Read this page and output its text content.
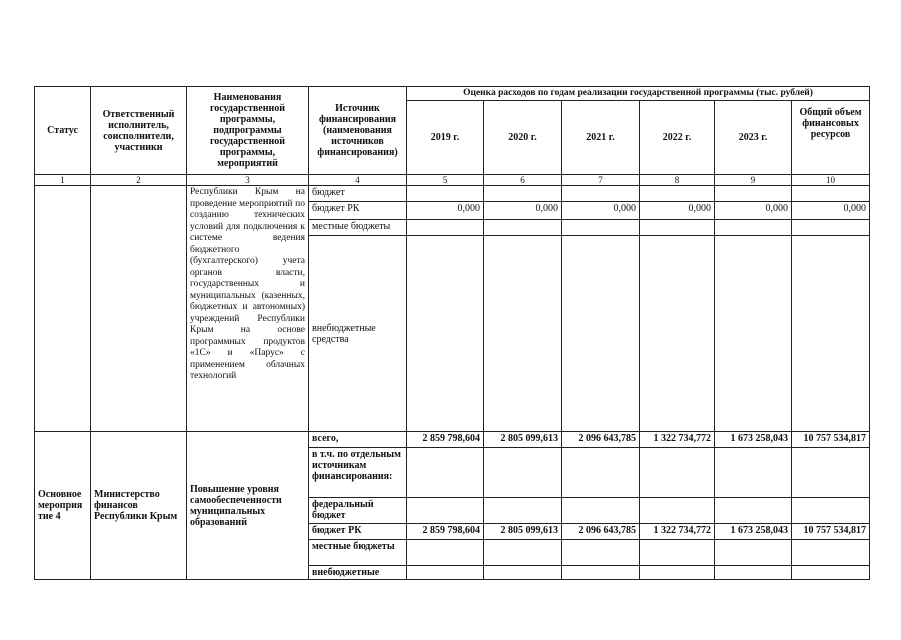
Статус	Ответственный исполнитель, соисполнители, участники	Наименования государственной программы, подпрограммы государственной программы, мероприятий	Источник финансирования (наименования источников финансирования)	Оценка расходов по годам реализации государственной программы (тыс. рублей)					
				2019 г.	2020 г.	2021 г.	2022 г.	2023 г.	Общий объем финансовых ресурсов
1	2	3	4	5	6	7	8	9	10
		Республики Крым на проведение мероприятий по созданию технических условий для подключения к системе ведения бюджетного (бухгалтерского) учета органов власти, государственных и муниципальных (казенных, бюджетных и автономных) учреждений Республики Крым на основе программных продуктов «1С» и «Парус» с применением облачных технологий	бюджет						
			бюджет РК	0,000	0,000	0,000	0,000	0,000	0,000
			местные бюджеты						
			внебюджетные средства						
Основное мероприя тие 4	Министерство финансов Республики Крым	Повышение уровня самообеспеченности муниципальных образований	всего,	2 859 798,604	2 805 099,613	2 096 643,785	1 322 734,772	1 673 258,043	10 757 534,817
			в т.ч. по отдельным источникам финансирования:						
			федеральный бюджет						
			бюджет РК	2 859 798,604	2 805 099,613	2 096 643,785	1 322 734,772	1 673 258,043	10 757 534,817
			местные бюджеты						
			внебюджетные						
